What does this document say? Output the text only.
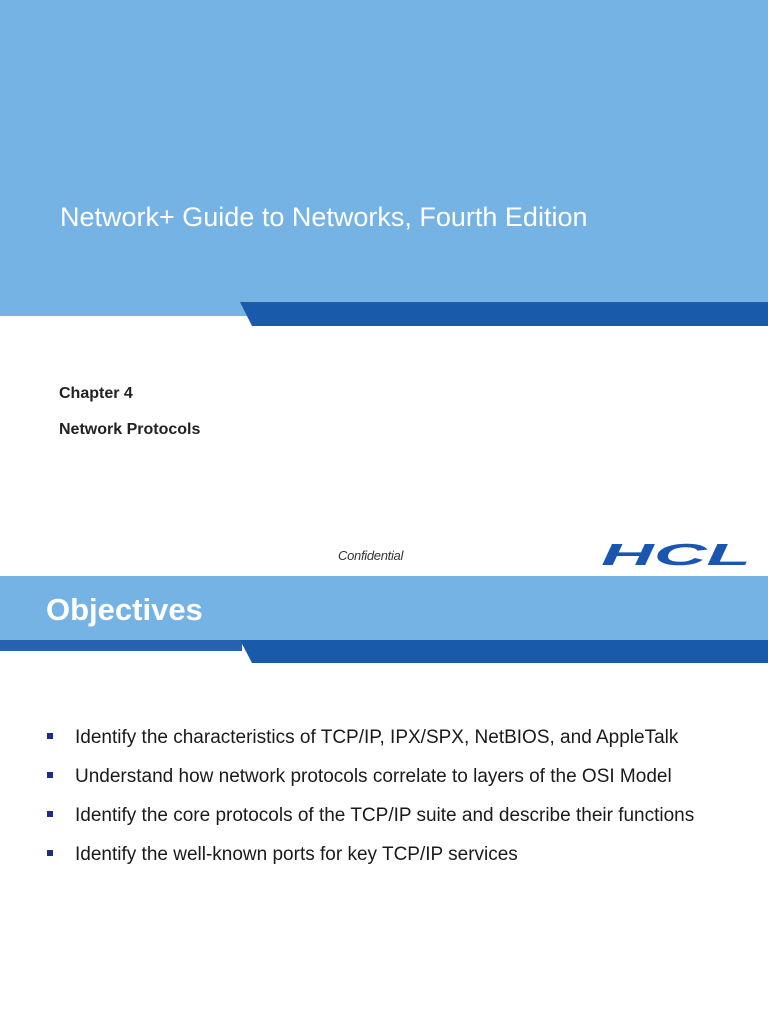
Network+ Guide to Networks, Fourth Edition
Chapter 4
Network Protocols
Confidential	HCL
Objectives
Identify the characteristics of TCP/IP, IPX/SPX, NetBIOS, and AppleTalk
Understand how network protocols correlate to layers of the OSI Model
Identify the core protocols of the TCP/IP suite and describe their functions
Identify the well-known ports for key TCP/IP services
